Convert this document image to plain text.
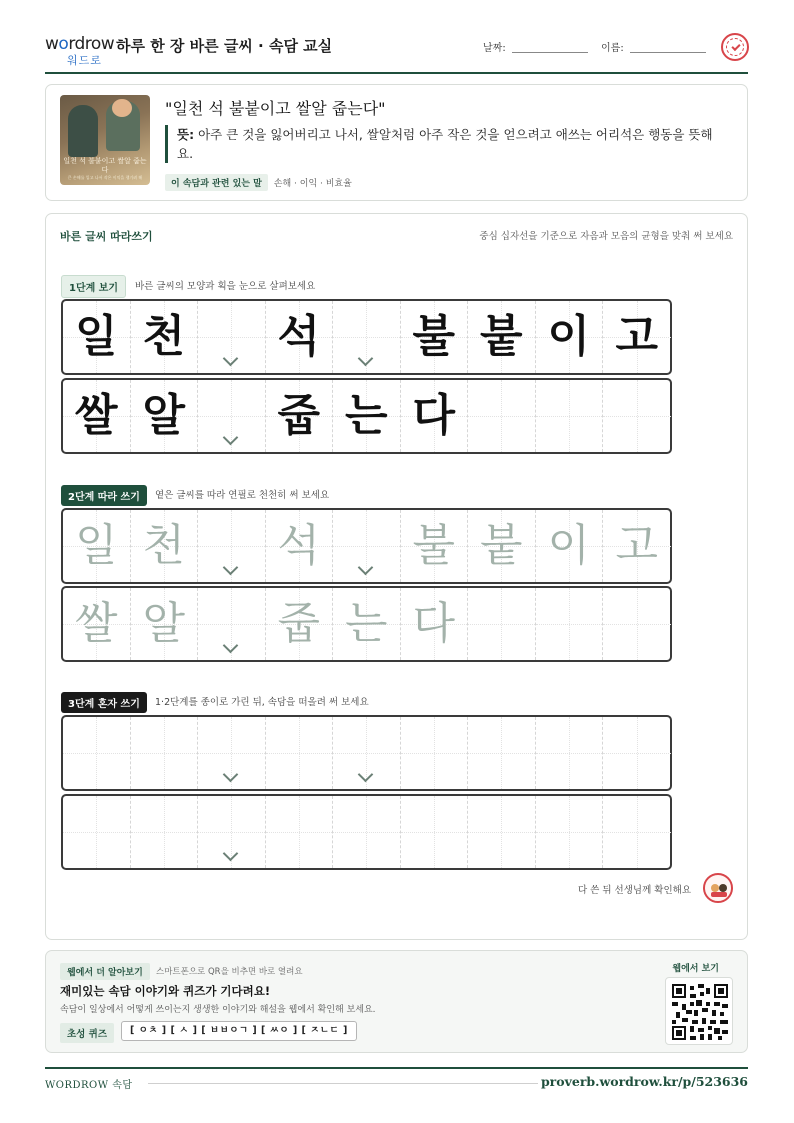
wordrow
워드로
하루 한 장 바른 글씨 · 속담 교실	날짜:	이름:
일천 석 불붙이고 쌀알 줍는다
큰 손해를 입고 나서 작은 이익을 챙기려 해
"일천 석 불붙이고 쌀알 줍는다"
뜻: 아주 큰 것을 잃어버리고 나서, 쌀알처럼 아주 작은 것을 얻으려고 애쓰는 어리석은 행동을 뜻해요.
이 속담과 관련 있는 말 손해 · 이익 · 비효율
바른 글씨 따라쓰기	중심 십자선을 기준으로 자음과 모음의 균형을 맞춰 써 보세요
1단계 보기	바른 글씨의 모양과 획을 눈으로 살펴보세요
일 천 석 불 붙 이 고
쌀 알 줍 는 다
2단계 따라 쓰기	옅은 글씨를 따라 연필로 천천히 써 보세요
일 천 석 불 붙 이 고
쌀 알 줍 는 다
3단계 혼자 쓰기	1·2단계를 종이로 가린 뒤, 속담을 떠올려 써 보세요
다 쓴 뒤 선생님께 확인해요
웹에서 더 알아보기	스마트폰으로 QR을 비추면 바로 열려요
재미있는 속담 이야기와 퀴즈가 기다려요!
속담이 일상에서 어떻게 쓰이는지 생생한 이야기와 해설을 웹에서 확인해 보세요.
초성 퀴즈	[ ㅇㅊ ] [ ㅅ ] [ ㅂㅂㅇㄱ ] [ ㅆㅇ ] [ ㅈㄴㄷ ]
웹에서 보기
WORDROW 속담	proverb.wordrow.kr/p/523636
